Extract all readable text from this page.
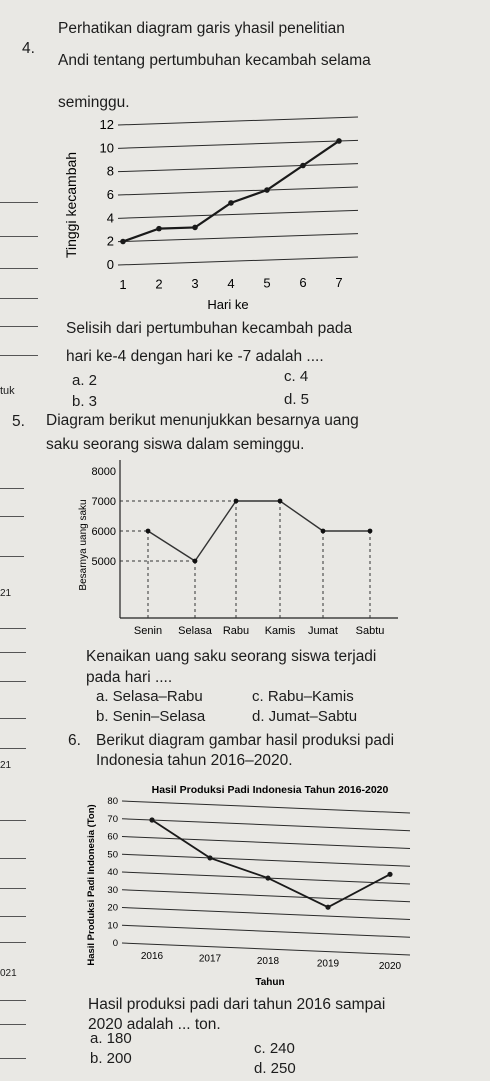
tuk
21
21
021
4.
Perhatikan diagram garis yhasil penelitian
Andi tentang pertumbuhan kecambah selama
seminggu.
Tinggi kecambah
0
2
4
6
8
10
12
1 2 3 4 5 6 7
Hari ke
Selisih dari pertumbuhan kecambah pada
hari ke-4 dengan hari ke -7 adalah ....
a. 2	c. 4
b. 3	d. 5
5. Diagram berikut menunjukkan besarnya uang
saku seorang siswa dalam seminggu.
Besarnya uang saku 5000
6000
7000
8000
Senin Selasa Rabu Kamis Jumat Sabtu
Kenaikan uang saku seorang siswa terjadi
pada hari ....
a. Selasa–Rabu	c. Rabu–Kamis
b. Senin–Selasa	d. Jumat–Sabtu
6. Berikut diagram gambar hasil produksi padi
Indonesia tahun 2016–2020.
Hasil Produksi Padi Indonesia Tahun 2016-2020
Hasil Produksi Padi Indonesia (Ton) 0
10
20
30
40
50
60
70
80
2016	2017	2018	2019	2020
Tahun
Hasil produksi padi dari tahun 2016 sampai
2020 adalah ... ton.
a. 180
c. 240
b. 200
d. 250
